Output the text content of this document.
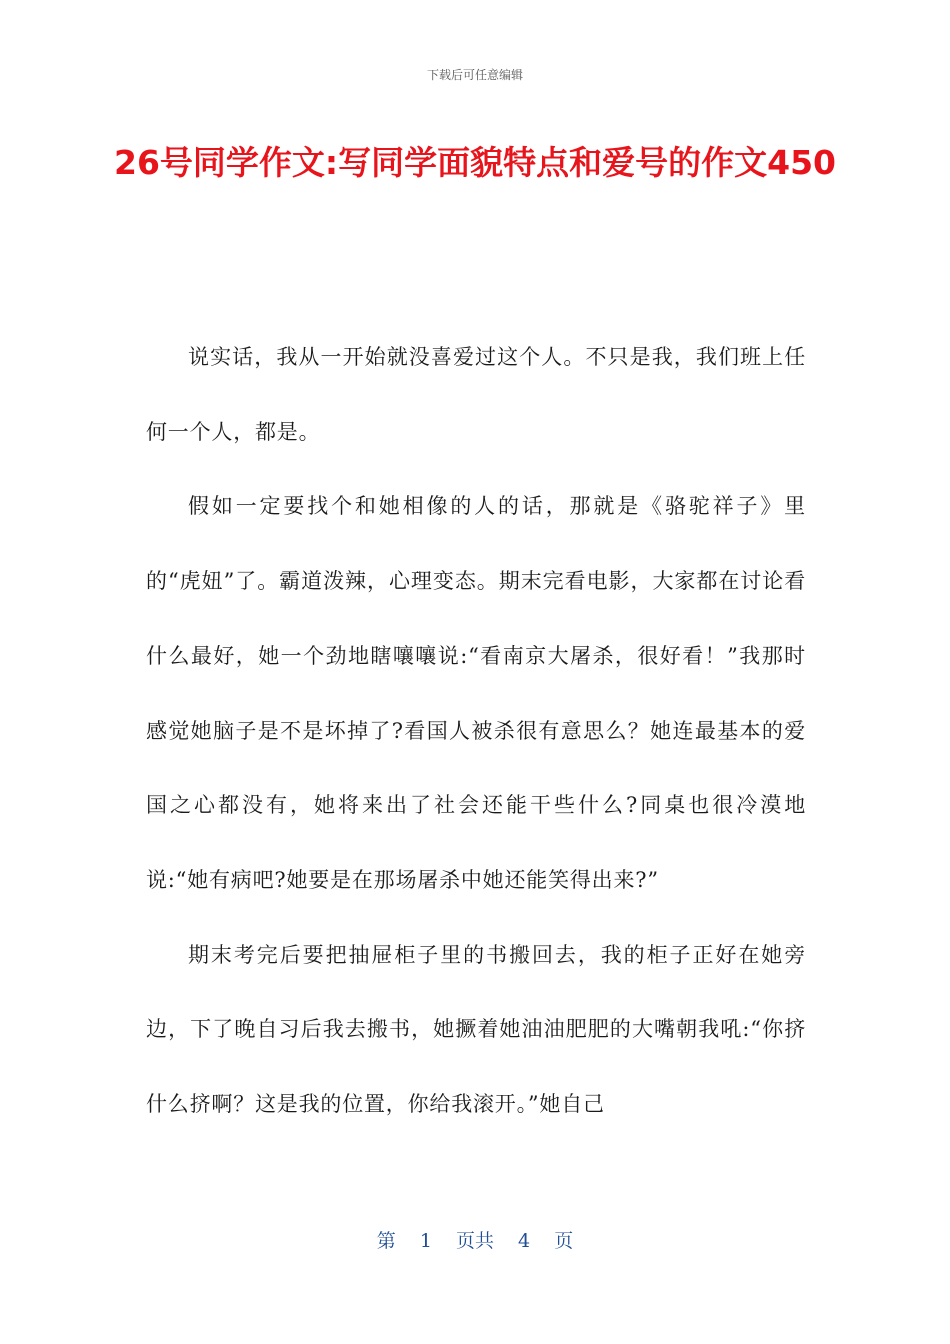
下载后可任意编辑
26号同学作文:写同学面貌特点和爱号的作文450

说实话，我从一开始就没喜爱过这个人。不只是我，我们班上任何一个人，都是。

假如一定要找个和她相像的人的话，那就是《骆驼祥子》里的“虎妞”了。霸道泼辣，心理变态。期末完看电影，大家都在讨论看什么最好，她一个劲地瞎嚷嚷说:“看南京大屠杀，很好看！”我那时感觉她脑子是不是坏掉了?看国人被杀很有意思么？她连最基本的爱国之心都没有，她将来出了社会还能干些什么?同桌也很冷漠地说:“她有病吧?她要是在那场屠杀中她还能笑得出来?”

期末考完后要把抽屉柜子里的书搬回去，我的柜子正好在她旁边，下了晚自习后我去搬书，她撅着她油油肥肥的大嘴朝我吼:“你挤什么挤啊？这是我的位置，你给我滚开。”她自己

第 1 页共 4 页
